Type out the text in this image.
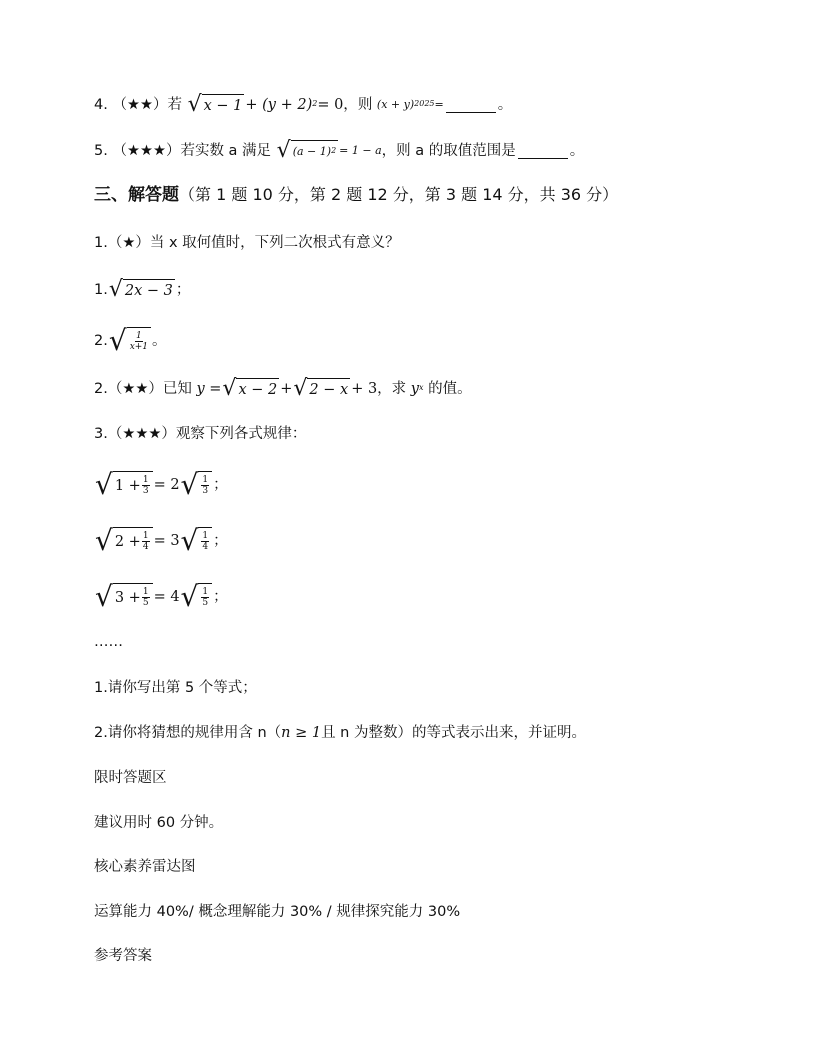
4.
（★★） 若
√ x − 1 + (y + 2) 2 = 0， 则
(x + y) 2025 =	。
5.
（★★★） 若实数 a 满足
√ (a − 1) 2 = 1 − a ，则 a 的取值范围是	。
三、解答题 （第 1 题 10 分，第 2 题 12 分，第 3 题 14 分，共 36 分）
1.（★）当 x 取何值时，下列二次根式有意义？
1. √ 2x − 3 ；
2. √ $\frac{1}{x+1}$ 。
2. （★★）已知
y = √ x − 2 + √ 2 − x + 3 ，求
y x
的值。
3.（★★★）观察下列各式规律：
√ $1 + \frac{1}{3} = 2$ √ $\frac{1}{3}$ ；
√ $2 + \frac{1}{4} = 3$ √ $\frac{1}{4}$ ；
√ $3 + \frac{1}{5} = 4$ √ $\frac{1}{5}$ ；
……
1.请你写出第 5 个等式；
2.请你将猜想的规律用含 n（ n ≥ 1 且 n 为整数）的等式表示出来，并证明。
限时答题区
建议用时 60 分钟。
核心素养雷达图
运算能力 40%/ 概念理解能力 30% / 规律探究能力 30%
参考答案
